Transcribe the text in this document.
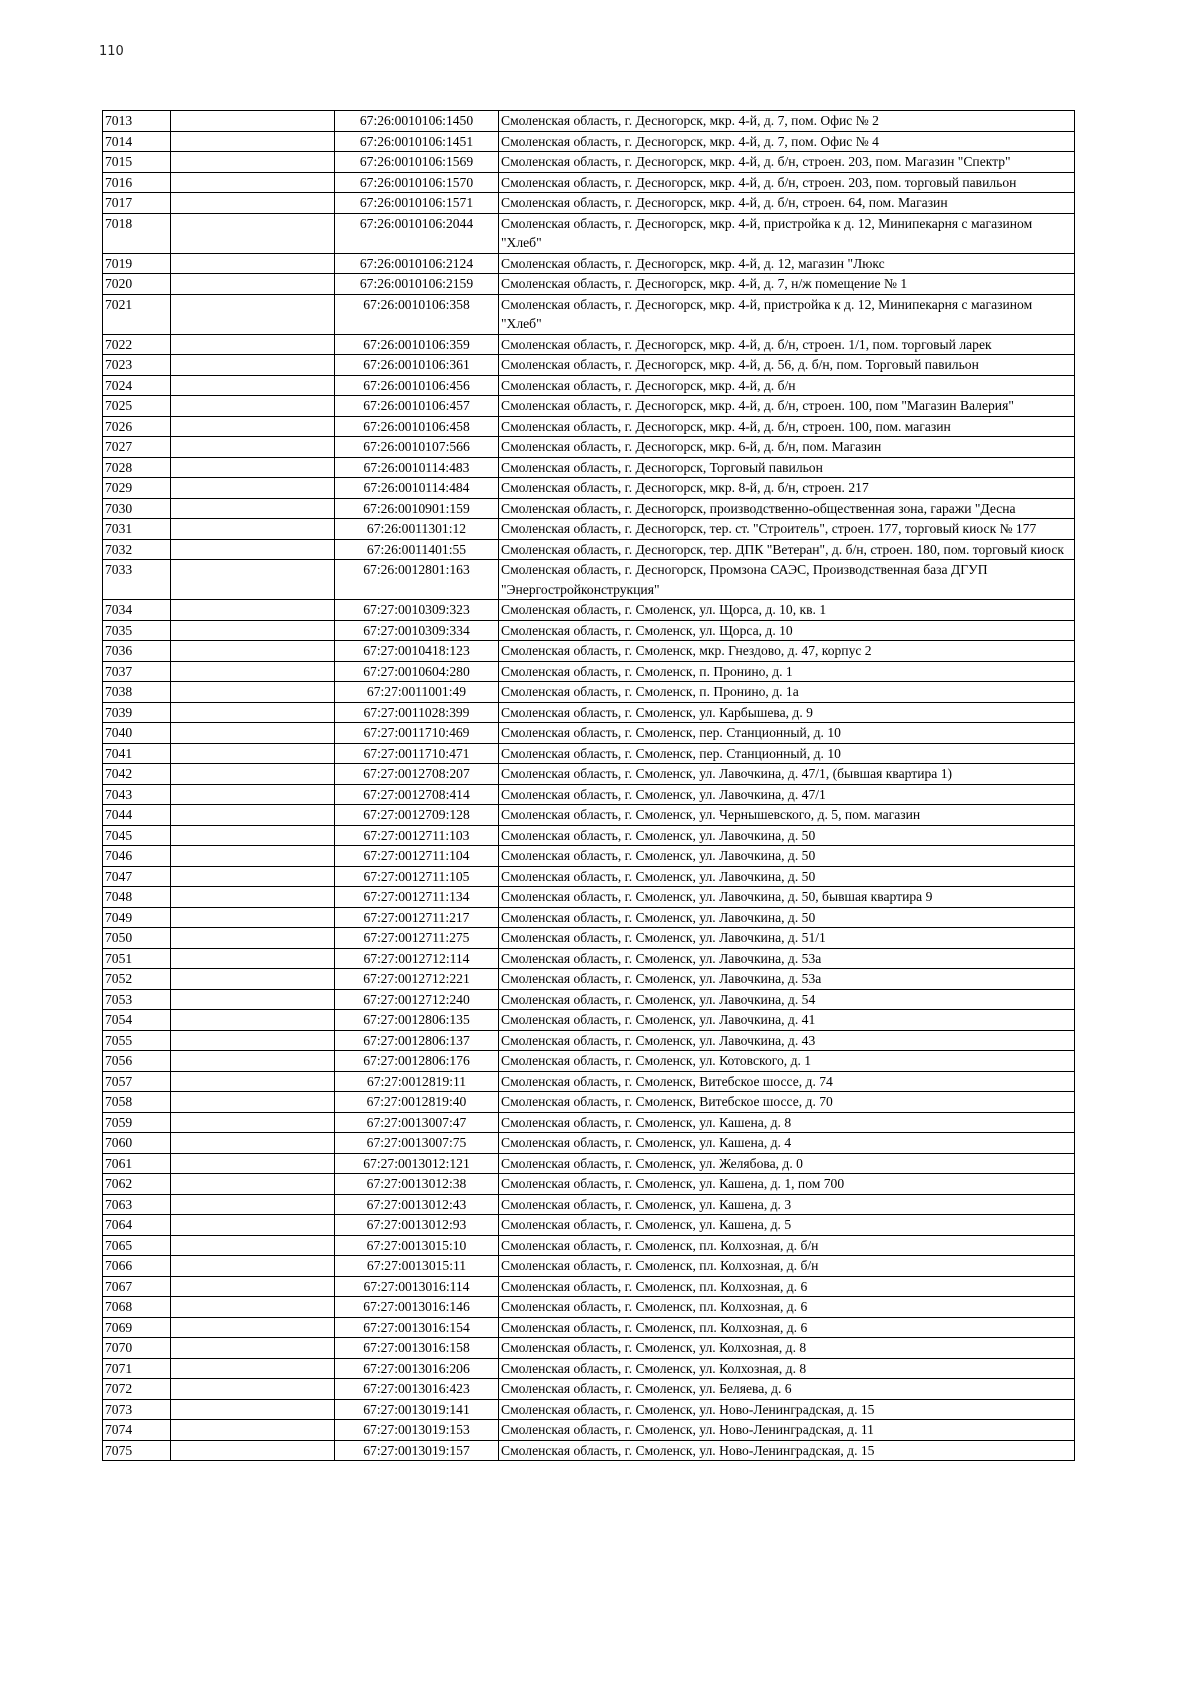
110
7013		67:26:0010106:1450	Смоленская область, г. Десногорск, мкр. 4-й, д. 7, пом. Офис № 2
7014		67:26:0010106:1451	Смоленская область, г. Десногорск, мкр. 4-й, д. 7, пом. Офис № 4
7015		67:26:0010106:1569	Смоленская область, г. Десногорск, мкр. 4-й, д. б/н, строен. 203, пом. Магазин "Спектр"
7016		67:26:0010106:1570	Смоленская область, г. Десногорск, мкр. 4-й, д. б/н, строен. 203, пом. торговый павильон
7017		67:26:0010106:1571	Смоленская область, г. Десногорск, мкр. 4-й, д. б/н, строен. 64, пом. Магазин
7018		67:26:0010106:2044	Смоленская область, г. Десногорск, мкр. 4-й, пристройка к д. 12, Минипекарня с магазином "Хлеб"
7019		67:26:0010106:2124	Смоленская область, г. Десногорск, мкр. 4-й, д. 12, магазин "Люкс
7020		67:26:0010106:2159	Смоленская область, г. Десногорск, мкр. 4-й, д. 7, н/ж помещение № 1
7021		67:26:0010106:358	Смоленская область, г. Десногорск, мкр. 4-й, пристройка к д. 12, Минипекарня с магазином "Хлеб"
7022		67:26:0010106:359	Смоленская область, г. Десногорск, мкр. 4-й, д. б/н, строен. 1/1, пом. торговый ларек
7023		67:26:0010106:361	Смоленская область, г. Десногорск, мкр. 4-й, д. 56, д. б/н, пом. Торговый павильон
7024		67:26:0010106:456	Смоленская область, г. Десногорск, мкр. 4-й, д. б/н
7025		67:26:0010106:457	Смоленская область, г. Десногорск, мкр. 4-й, д. б/н, строен. 100, пом "Магазин Валерия"
7026		67:26:0010106:458	Смоленская область, г. Десногорск, мкр. 4-й, д. б/н, строен. 100, пом. магазин
7027		67:26:0010107:566	Смоленская область, г. Десногорск, мкр. 6-й, д. б/н, пом. Магазин
7028		67:26:0010114:483	Смоленская область, г. Десногорск, Торговый павильон
7029		67:26:0010114:484	Смоленская область, г. Десногорск, мкр. 8-й, д. б/н, строен. 217
7030		67:26:0010901:159	Смоленская область, г. Десногорск, производственно-общественная зона, гаражи "Десна
7031		67:26:0011301:12	Смоленская область, г. Десногорск, тер. ст. "Строитель", строен. 177, торговый киоск № 177
7032		67:26:0011401:55	Смоленская область, г. Десногорск, тер. ДПК "Ветеран", д. б/н, строен. 180, пом. торговый киоск
7033		67:26:0012801:163	Смоленская область, г. Десногорск, Промзона САЭС, Производственная база ДГУП "Энергостройконструкция"
7034		67:27:0010309:323	Смоленская область, г. Смоленск, ул. Щорса, д. 10, кв. 1
7035		67:27:0010309:334	Смоленская область, г. Смоленск, ул. Щорса, д. 10
7036		67:27:0010418:123	Смоленская область, г. Смоленск, мкр. Гнездово, д. 47, корпус 2
7037		67:27:0010604:280	Смоленская область, г. Смоленск, п. Пронино, д. 1
7038		67:27:0011001:49	Смоленская область, г. Смоленск, п. Пронино, д. 1а
7039		67:27:0011028:399	Смоленская область, г. Смоленск, ул. Карбышева, д. 9
7040		67:27:0011710:469	Смоленская область, г. Смоленск, пер. Станционный, д. 10
7041		67:27:0011710:471	Смоленская область, г. Смоленск, пер. Станционный, д. 10
7042		67:27:0012708:207	Смоленская область, г. Смоленск, ул. Лавочкина, д. 47/1, (бывшая квартира 1)
7043		67:27:0012708:414	Смоленская область, г. Смоленск, ул. Лавочкина, д. 47/1
7044		67:27:0012709:128	Смоленская область, г. Смоленск, ул. Чернышевского, д. 5, пом. магазин
7045		67:27:0012711:103	Смоленская область, г. Смоленск, ул. Лавочкина, д. 50
7046		67:27:0012711:104	Смоленская область, г. Смоленск, ул. Лавочкина, д. 50
7047		67:27:0012711:105	Смоленская область, г. Смоленск, ул. Лавочкина, д. 50
7048		67:27:0012711:134	Смоленская область, г. Смоленск, ул. Лавочкина, д. 50, бывшая квартира 9
7049		67:27:0012711:217	Смоленская область, г. Смоленск, ул. Лавочкина, д. 50
7050		67:27:0012711:275	Смоленская область, г. Смоленск, ул. Лавочкина, д. 51/1
7051		67:27:0012712:114	Смоленская область, г. Смоленск, ул. Лавочкина, д. 53а
7052		67:27:0012712:221	Смоленская область, г. Смоленск, ул. Лавочкина, д. 53а
7053		67:27:0012712:240	Смоленская область, г. Смоленск, ул. Лавочкина, д. 54
7054		67:27:0012806:135	Смоленская область, г. Смоленск, ул. Лавочкина, д. 41
7055		67:27:0012806:137	Смоленская область, г. Смоленск, ул. Лавочкина, д. 43
7056		67:27:0012806:176	Смоленская область, г. Смоленск, ул. Котовского, д. 1
7057		67:27:0012819:11	Смоленская область, г. Смоленск, Витебское шоссе, д. 74
7058		67:27:0012819:40	Смоленская область, г. Смоленск, Витебское шоссе, д. 70
7059		67:27:0013007:47	Смоленская область, г. Смоленск, ул. Кашена, д. 8
7060		67:27:0013007:75	Смоленская область, г. Смоленск, ул. Кашена, д. 4
7061		67:27:0013012:121	Смоленская область, г. Смоленск, ул. Желябова, д. 0
7062		67:27:0013012:38	Смоленская область, г. Смоленск, ул. Кашена, д. 1, пом 700
7063		67:27:0013012:43	Смоленская область, г. Смоленск, ул. Кашена, д. 3
7064		67:27:0013012:93	Смоленская область, г. Смоленск, ул. Кашена, д. 5
7065		67:27:0013015:10	Смоленская область, г. Смоленск, пл. Колхозная, д. б/н
7066		67:27:0013015:11	Смоленская область, г. Смоленск, пл. Колхозная, д. б/н
7067		67:27:0013016:114	Смоленская область, г. Смоленск, пл. Колхозная, д. 6
7068		67:27:0013016:146	Смоленская область, г. Смоленск, пл. Колхозная, д. 6
7069		67:27:0013016:154	Смоленская область, г. Смоленск, пл. Колхозная, д. 6
7070		67:27:0013016:158	Смоленская область, г. Смоленск, ул. Колхозная, д. 8
7071		67:27:0013016:206	Смоленская область, г. Смоленск, ул. Колхозная, д. 8
7072		67:27:0013016:423	Смоленская область, г. Смоленск, ул. Беляева, д. 6
7073		67:27:0013019:141	Смоленская область, г. Смоленск, ул. Ново-Ленинградская, д. 15
7074		67:27:0013019:153	Смоленская область, г. Смоленск, ул. Ново-Ленинградская, д. 11
7075		67:27:0013019:157	Смоленская область, г. Смоленск, ул. Ново-Ленинградская, д. 15
